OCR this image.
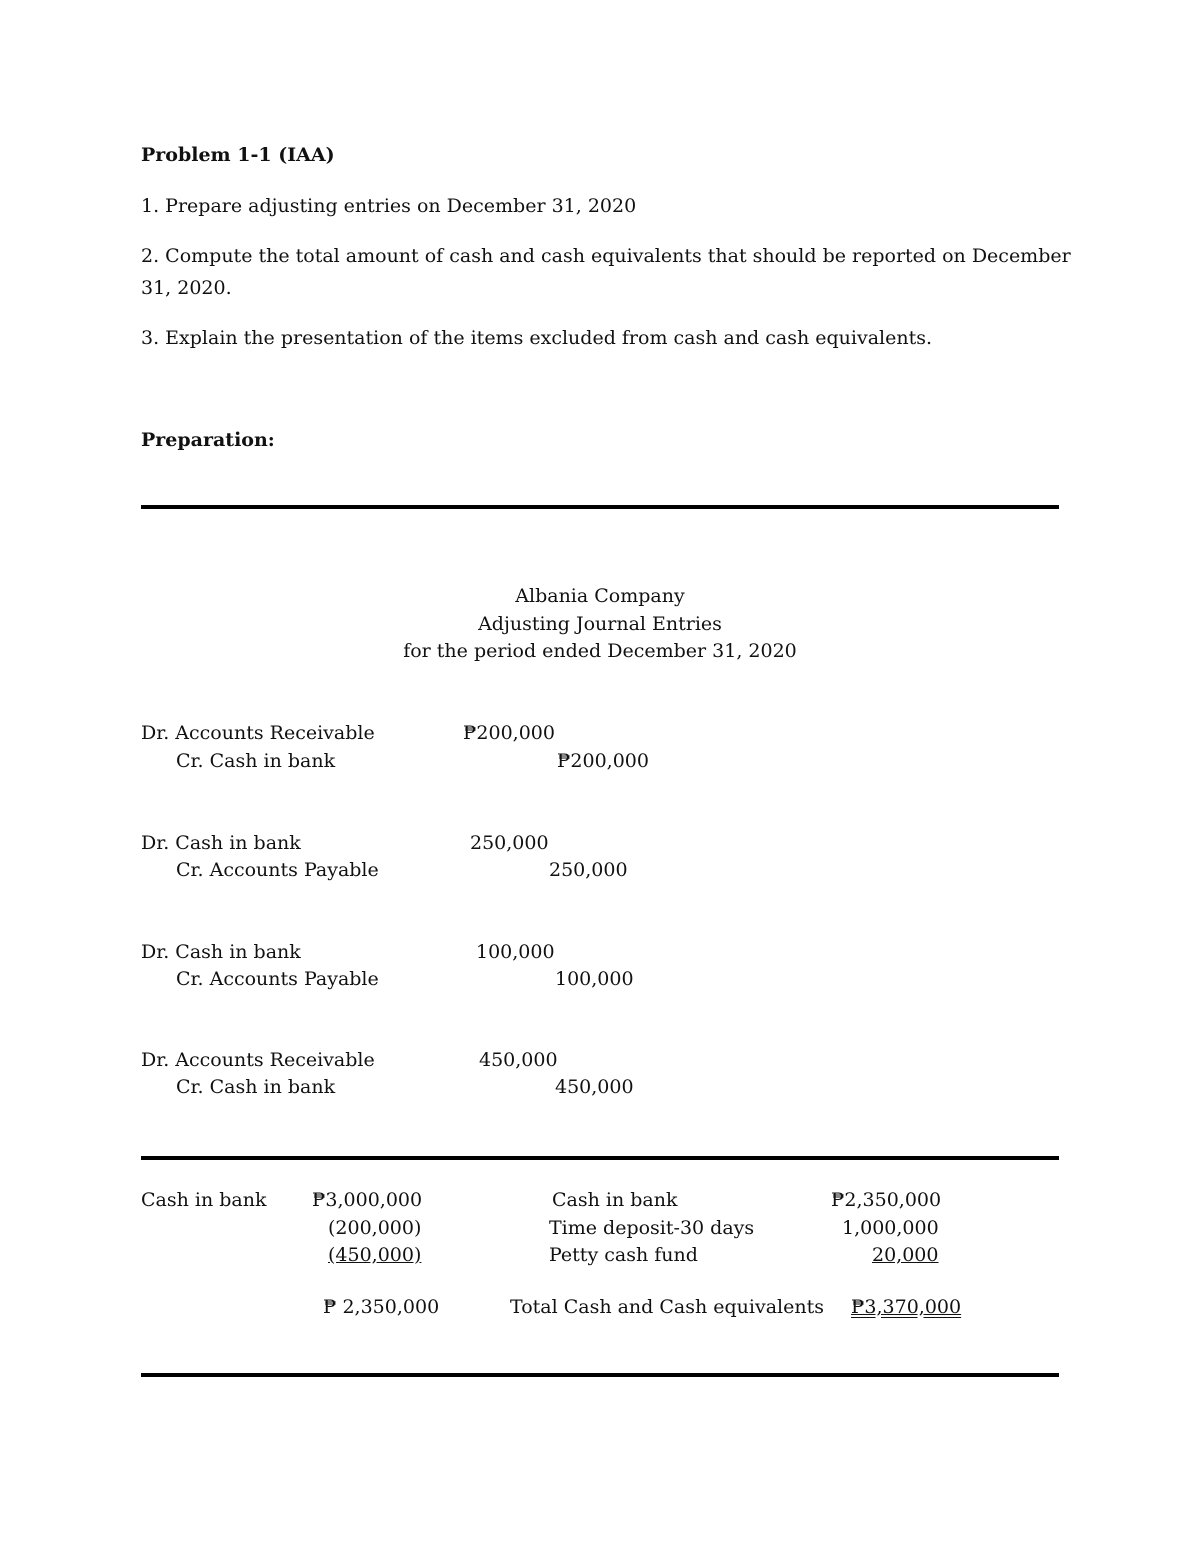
Problem 1-1 (IAA)
1. Prepare adjusting entries on December 31, 2020
2. Compute the total amount of cash and cash equivalents that should be reported on December
31, 2020.
3. Explain the presentation of the items excluded from cash and cash equivalents.
Preparation:
Albania Company
Adjusting Journal Entries
for the period ended December 31, 2020
Dr. Accounts Receivable	₱200,000
Cr. Cash in bank	₱200,000
Dr. Cash in bank	250,000
Cr. Accounts Payable	250,000
Dr. Cash in bank	100,000
Cr. Accounts Payable	100,000
Dr. Accounts Receivable	450,000
Cr. Cash in bank	450,000
Cash in bank ₱3,000,000
(200,000)
(450,000)
₱ 2,350,000
Cash in bank	₱2,350,000
Time deposit-30 days	1,000,000
Petty cash fund	20,000
Total Cash and Cash equivalents ₱3,370,000
